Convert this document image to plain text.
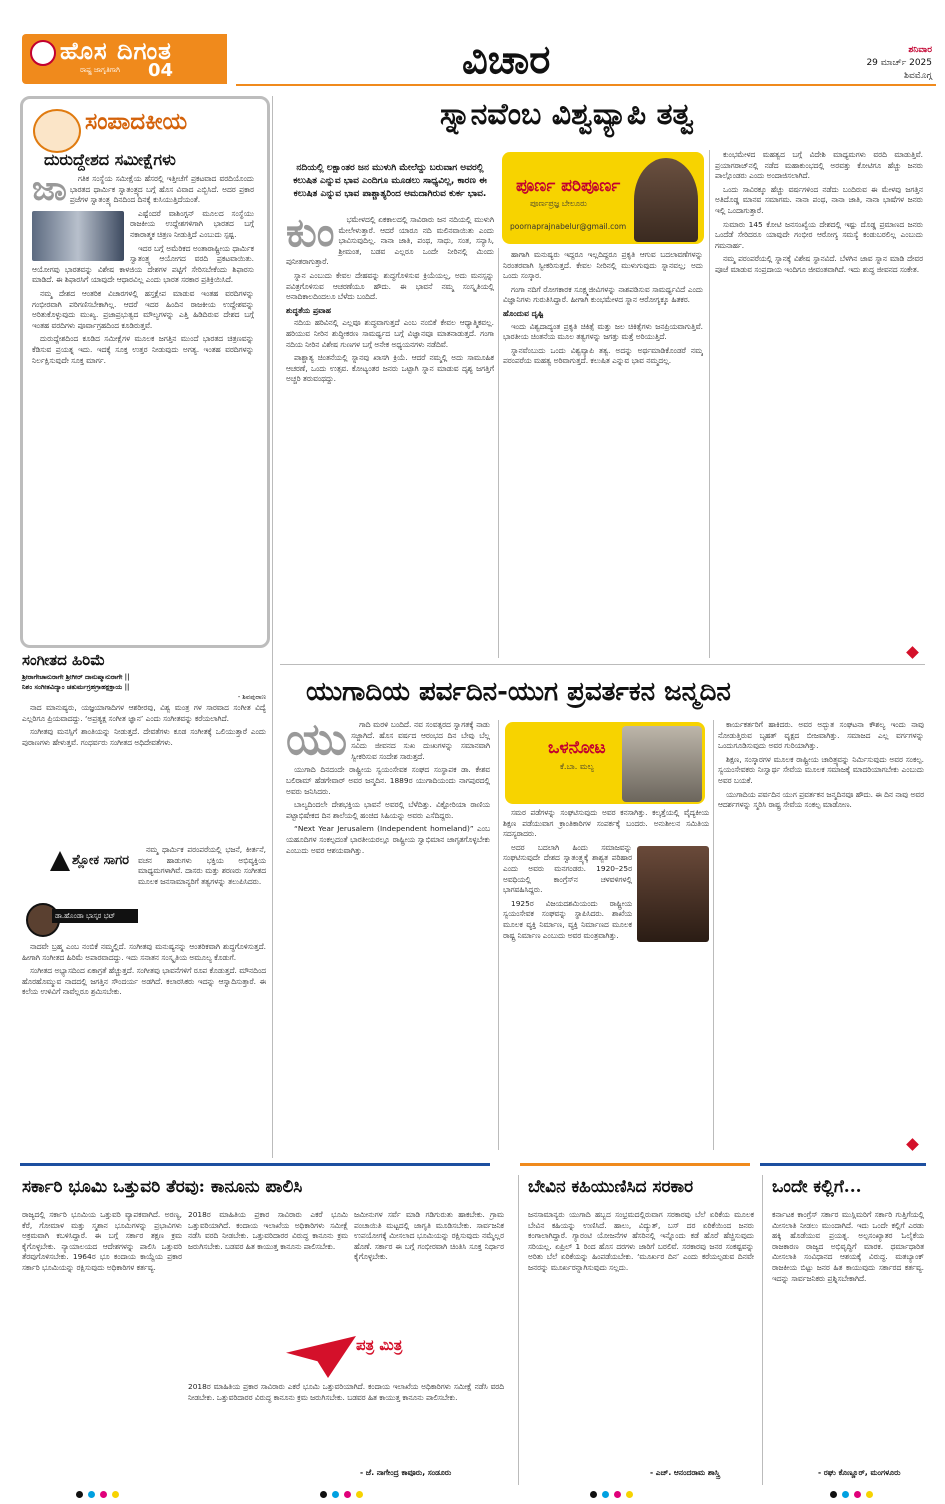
ಹೊಸ ದಿಗಂತ
ರಾಷ್ಟ್ರ ಜಾಗೃತಿಗಾಗಿ 04	ವಿಚಾರ	ಶನಿವಾರ
29 ಮಾರ್ಚ್ 2025
ಶಿವಮೊಗ್ಗ
ಸಂಪಾದಕೀಯ
ದುರುದ್ದೇಶದ ಸಮೀಕ್ಷೆಗಳು
ಜಾ	ಗತಿಕ ಸಂಸ್ಥೆಯ ಸಮೀಕ್ಷೆಯ ಹೆಸರಲ್ಲಿ ಇತ್ತೀಚೆಗೆ ಪ್ರಕಟವಾದ ವರದಿಯೊಂದು ಭಾರತದ ಧಾರ್ಮಿಕ ಸ್ವಾತಂತ್ರ್ಯದ ಬಗ್ಗೆ ಹೊಸ ವಿವಾದ ಎಬ್ಬಿಸಿದೆ. ಅದರ ಪ್ರಕಾರ ಪ್ರಜೆಗಳ ಸ್ವಾತಂತ್ರ್ಯ ದಿನದಿಂದ ದಿನಕ್ಕೆ ಕುಸಿಯುತ್ತಿದೆಯಂತೆ.

ಎಷ್ಟೆಂದರೆ ವಾಶಿಂಗ್ಟನ್ ಮೂಲದ ಸಂಸ್ಥೆಯು ರಾಜಕೀಯ ಉದ್ದೇಶಗಳಿಗಾಗಿ ಭಾರತದ ಬಗ್ಗೆ ನಕಾರಾತ್ಮಕ ಚಿತ್ರಣ ನೀಡುತ್ತಿದೆ ಎಂಬುದು ಸ್ಪಷ್ಟ.

ಇದರ ಬಗ್ಗೆ ಅಮೆರಿಕದ ಅಂತಾರಾಷ್ಟ್ರೀಯ ಧಾರ್ಮಿಕ ಸ್ವಾತಂತ್ರ್ಯ ಆಯೋಗದ ವರದಿ ಪ್ರಕಟವಾಯಿತು. ಆಯೋಗವು ಭಾರತವನ್ನು ವಿಶೇಷ ಕಾಳಜಿಯ ದೇಶಗಳ ಪಟ್ಟಿಗೆ ಸೇರಿಸಬೇಕೆಂದು ಶಿಫಾರಸು ಮಾಡಿದೆ. ಈ ಶಿಫಾರಸಿಗೆ ಯಾವುದೇ ಆಧಾರವಿಲ್ಲ ಎಂದು ಭಾರತ ಸರಕಾರ ಪ್ರತಿಕ್ರಿಯಿಸಿದೆ.

ನಮ್ಮ ದೇಶದ ಆಂತರಿಕ ವಿಚಾರಗಳಲ್ಲಿ ಹಸ್ತಕ್ಷೇಪ ಮಾಡುವ ಇಂತಹ ವರದಿಗಳನ್ನು ಗಂಭೀರವಾಗಿ ಪರಿಗಣಿಸಬೇಕಾಗಿಲ್ಲ. ಆದರೆ ಇದರ ಹಿಂದಿನ ರಾಜಕೀಯ ಉದ್ದೇಶವನ್ನು ಅರಿತುಕೊಳ್ಳುವುದು ಮುಖ್ಯ. ಪ್ರಜಾಪ್ರಭುತ್ವದ ಮೌಲ್ಯಗಳನ್ನು ಎತ್ತಿ ಹಿಡಿದಿರುವ ದೇಶದ ಬಗ್ಗೆ ಇಂತಹ ವರದಿಗಳು ಪೂರ್ವಾಗ್ರಹದಿಂದ ಕೂಡಿರುತ್ತವೆ.

ದುರುದ್ದೇಶದಿಂದ ಕೂಡಿದ ಸಮೀಕ್ಷೆಗಳ ಮೂಲಕ ಜಗತ್ತಿನ ಮುಂದೆ ಭಾರತದ ಚಿತ್ರಣವನ್ನು ಕೆಡಿಸುವ ಪ್ರಯತ್ನ ಇದು. ಇದಕ್ಕೆ ಸೂಕ್ತ ಉತ್ತರ ನೀಡುವುದು ಅಗತ್ಯ. ಇಂತಹ ವರದಿಗಳನ್ನು ನಿರ್ಲಕ್ಷಿಸುವುದೇ ಸೂಕ್ತ ಮಾರ್ಗ.

ಸಂಗೀತದ ಹಿರಿಮೆ
ಶ್ರೀರಾಗೇಚಾನುರಾಗೇ ಶ್ರೀಗೀರ್ ದಾನುಷ್ಮಾನುರಾಗೇ ||
ನಿಶಂ ಸಂಗೀತವಿದ್ಯಾಂ ಚತುರ್ಮಗ್ರಹಗ್ರಾಹಕ್ಷಕ್ತಾಯ ||
- ಶಿವಪುರಾಣ

ನಾದ ಮಾನುಷ್ಯರು, ಯಜ್ಞಯಾಗಾದಿಗಳ ಆಶರೀರವು, ವಿಶ್ವ ಮಂತ್ರ ಗಳ ಸಾರವಾದ ಸಂಗೀತ ವಿದ್ಯೆ ಎಲ್ಲರಿಗೂ ಪ್ರಿಯವಾದದ್ದು. ‘ಅಪ್ರತ್ಯಕ್ಷ ಸಂಗೀತ ಜ್ಞಾನ’ ಎಂದು ಸಂಗೀತವನ್ನು ಕರೆಯಲಾಗಿದೆ.

ಸಂಗೀತವು ಮನಸ್ಸಿಗೆ ಶಾಂತಿಯನ್ನು ನೀಡುತ್ತದೆ. ದೇವತೆಗಳು ಕೂಡ ಸಂಗೀತಕ್ಕೆ ಒಲಿಯುತ್ತಾರೆ ಎಂದು ಪುರಾಣಗಳು ಹೇಳುತ್ತವೆ. ಗಂಧರ್ವರು ಸಂಗೀತದ ಅಧಿದೇವತೆಗಳು.

ನಮ್ಮ ಧಾರ್ಮಿಕ ಪರಂಪರೆಯಲ್ಲಿ ಭಜನೆ, ಕೀರ್ತನೆ, ವಚನ ಹಾಡುಗಳು ಭಕ್ತಿಯ ಅಭಿವ್ಯಕ್ತಿಯ ಮಾಧ್ಯಮಗಳಾಗಿವೆ. ದಾಸರು ಮತ್ತು ಶರಣರು ಸಂಗೀತದ ಮೂಲಕ ಜನಸಾಮಾನ್ಯರಿಗೆ ತತ್ವಗಳನ್ನು ತಲುಪಿಸಿದರು.

ಶ್ಲೋಕ ಸಾಗರ
ಡಾ.ಹೊಂಡಾ ಭಾಸ್ಕರ ಭಟ್

ನಾದವೇ ಬ್ರಹ್ಮ ಎಂಬ ನಂಬಿಕೆ ನಮ್ಮಲ್ಲಿದೆ. ಸಂಗೀತವು ಮನುಷ್ಯನನ್ನು ಆಂತರಿಕವಾಗಿ ಶುದ್ಧಗೊಳಿಸುತ್ತದೆ. ಹೀಗಾಗಿ ಸಂಗೀತದ ಹಿರಿಮೆ ಅಪಾರವಾದದ್ದು. ಇದು ಸನಾತನ ಸಂಸ್ಕೃತಿಯ ಅಮೂಲ್ಯ ಕೊಡುಗೆ.

ಸಂಗೀತದ ಅಭ್ಯಾಸದಿಂದ ಏಕಾಗ್ರತೆ ಹೆಚ್ಚುತ್ತದೆ. ಸಂಗೀತವು ಭಾವನೆಗಳಿಗೆ ರೂಪ ಕೊಡುತ್ತದೆ. ಮೌನದಿಂದ ಹೊರಹೊಮ್ಮುವ ನಾದದಲ್ಲಿ ಜಗತ್ತಿನ ಸೌಂದರ್ಯ ಅಡಗಿದೆ. ಕಲಾರಸಿಕರು ಇದನ್ನು ಆಸ್ವಾದಿಸುತ್ತಾರೆ. ಈ ಕಲೆಯ ಉಳಿವಿಗೆ ನಾವೆಲ್ಲರೂ ಶ್ರಮಿಸಬೇಕು.

ಸ್ನಾನವೆಂಬ ವಿಶ್ವವ್ಯಾಪಿ ತತ್ವ
ನದಿಯಲ್ಲಿ ಲಕ್ಷಾಂತರ ಜನ ಮುಳುಗಿ ಮೇಲೆದ್ದು ಬರುವಾಗ ಅವರಲ್ಲಿ ಕಲುಷಿತ ಎನ್ನುವ ಭಾವ ಎಂದಿಗೂ ಮೂಡಲು ಸಾಧ್ಯವಿಲ್ಲ, ಕಾರಣ ಈ ಕಲುಷಿತ ಎನ್ನುವ ಭಾವ ಪಾಶ್ಚಾತ್ಯರಿಂದ ಆಮದಾಗಿರುವ ಕುರ್ಕ ಭಾವ.	ಪೂರ್ಣ ಪರಿಪೂರ್ಣ
ಪೂರ್ಣಪ್ರಜ್ಞ ಬೇಲೂರು
poornaprajnabelur@gmail.com
ಕುಂ	ಭಮೇಳದಲ್ಲಿ ಏಕಕಾಲದಲ್ಲಿ ಸಾವಿರಾರು ಜನ ನದಿಯಲ್ಲಿ ಮುಳುಗಿ ಮೇಲೇಳುತ್ತಾರೆ. ಆದರೆ ಯಾರೂ ನದಿ ಮಲಿನವಾಯಿತು ಎಂದು ಭಾವಿಸುವುದಿಲ್ಲ. ನಾನಾ ಜಾತಿ, ಪಂಥ, ಸಾಧು, ಸಂತ, ಸನ್ಯಾಸಿ, ಶ್ರೀಮಂತ, ಬಡವ ಎಲ್ಲರೂ ಒಂದೇ ನೀರಿನಲ್ಲಿ ಮಿಂದು ಪುನೀತರಾಗುತ್ತಾರೆ.

ಸ್ನಾನ ಎಂಬುದು ಕೇವಲ ದೇಹವನ್ನು ಶುದ್ಧಗೊಳಿಸುವ ಕ್ರಿಯೆಯಲ್ಲ, ಅದು ಮನಸ್ಸನ್ನು ಪವಿತ್ರಗೊಳಿಸುವ ಆಚರಣೆಯೂ ಹೌದು. ಈ ಭಾವನೆ ನಮ್ಮ ಸಂಸ್ಕೃತಿಯಲ್ಲಿ ಅನಾದಿಕಾಲದಿಂದಲೂ ಬೆಳೆದು ಬಂದಿದೆ.

ಶುದ್ಧತೆಯ ಪ್ರವಾಹ

ನದಿಯ ಹರಿವಿನಲ್ಲಿ ಎಲ್ಲವೂ ಶುದ್ಧವಾಗುತ್ತದೆ ಎಂಬ ನಂಬಿಕೆ ಕೇವಲ ಆಧ್ಯಾತ್ಮಿಕವಲ್ಲ. ಹರಿಯುವ ನೀರಿನ ಶುದ್ಧೀಕರಣ ಸಾಮರ್ಥ್ಯದ ಬಗ್ಗೆ ವಿಜ್ಞಾನವೂ ಮಾತನಾಡುತ್ತದೆ. ಗಂಗಾ ನದಿಯ ನೀರಿನ ವಿಶೇಷ ಗುಣಗಳ ಬಗ್ಗೆ ಅನೇಕ ಅಧ್ಯಯನಗಳು ನಡೆದಿವೆ.

ಪಾಶ್ಚಾತ್ಯ ಚಿಂತನೆಯಲ್ಲಿ ಸ್ನಾನವು ಖಾಸಗಿ ಕ್ರಿಯೆ. ಆದರೆ ನಮ್ಮಲ್ಲಿ ಅದು ಸಾಮೂಹಿಕ ಆಚರಣೆ, ಒಂದು ಉತ್ಸವ. ಕೋಟ್ಯಂತರ ಜನರು ಒಟ್ಟಾಗಿ ಸ್ನಾನ ಮಾಡುವ ದೃಶ್ಯ ಜಗತ್ತಿಗೆ ಅಚ್ಚರಿ ತರುವಂಥದ್ದು.

ಹಾಗಾಗಿ ಮನುಷ್ಯರು ಇದ್ದರೂ ಇಲ್ಲದಿದ್ದರೂ ಪ್ರಕೃತಿ ಆಗುವ ಬದಲಾವಣೆಗಳನ್ನು ನಿರಂತರವಾಗಿ ಸ್ವೀಕರಿಸುತ್ತದೆ. ಕೇವಲ ನೀರಿನಲ್ಲಿ ಮುಳುಗುವುದು ಸ್ನಾನವಲ್ಲ; ಅದು ಒಂದು ಸಂಸ್ಕಾರ.

ಗಂಗಾ ನದಿಗೆ ರೋಗಕಾರಕ ಸೂಕ್ಷ್ಮಜೀವಿಗಳನ್ನು ನಾಶಪಡಿಸುವ ಸಾಮರ್ಥ್ಯವಿದೆ ಎಂದು ವಿಜ್ಞಾನಿಗಳು ಗುರುತಿಸಿದ್ದಾರೆ. ಹೀಗಾಗಿ ಕುಂಭಮೇಳದ ಸ್ನಾನ ಆರೋಗ್ಯಕ್ಕೂ ಹಿತಕರ.

ಹೊಂದುವ ದೃಷ್ಟಿ

ಇಂದು ವಿಶ್ವದಾದ್ಯಂತ ಪ್ರಕೃತಿ ಚಿಕಿತ್ಸೆ ಮತ್ತು ಜಲ ಚಿಕಿತ್ಸೆಗಳು ಜನಪ್ರಿಯವಾಗುತ್ತಿವೆ. ಭಾರತೀಯ ಚಿಂತನೆಯ ಮೂಲ ತತ್ವಗಳನ್ನು ಜಗತ್ತು ಮತ್ತೆ ಅರಿಯುತ್ತಿದೆ.

ಸ್ನಾನವೆಂಬುದು ಒಂದು ವಿಶ್ವವ್ಯಾಪಿ ತತ್ವ. ಅದನ್ನು ಅರ್ಥಮಾಡಿಕೊಂಡರೆ ನಮ್ಮ ಪರಂಪರೆಯ ಮಹತ್ವ ಅರಿವಾಗುತ್ತದೆ. ಕಲುಷಿತ ಎನ್ನುವ ಭಾವ ನಮ್ಮದಲ್ಲ.

ಕುಂಭಮೇಳದ ಮಹತ್ವದ ಬಗ್ಗೆ ವಿದೇಶಿ ಮಾಧ್ಯಮಗಳು ವರದಿ ಮಾಡುತ್ತಿವೆ. ಪ್ರಯಾಗರಾಜ್‌ನಲ್ಲಿ ನಡೆದ ಮಹಾಕುಂಭದಲ್ಲಿ ಅರವತ್ತು ಕೋಟಿಗೂ ಹೆಚ್ಚು ಜನರು ಪಾಲ್ಗೊಂಡರು ಎಂದು ಅಂದಾಜಿಸಲಾಗಿದೆ.

ಒಂದು ಸಾವಿರಕ್ಕೂ ಹೆಚ್ಚು ವರ್ಷಗಳಿಂದ ನಡೆದು ಬಂದಿರುವ ಈ ಮೇಳವು ಜಗತ್ತಿನ ಅತಿದೊಡ್ಡ ಮಾನವ ಸಮಾಗಮ. ನಾನಾ ಪಂಥ, ನಾನಾ ಜಾತಿ, ನಾನಾ ಭಾಷೆಗಳ ಜನರು ಇಲ್ಲಿ ಒಂದಾಗುತ್ತಾರೆ.

ಸುಮಾರು 145 ಕೋಟಿ ಜನಸಂಖ್ಯೆಯ ದೇಶದಲ್ಲಿ ಇಷ್ಟು ದೊಡ್ಡ ಪ್ರಮಾಣದ ಜನರು ಒಂದೆಡೆ ಸೇರಿದರೂ ಯಾವುದೇ ಗಂಭೀರ ಆರೋಗ್ಯ ಸಮಸ್ಯೆ ಕಂಡುಬರಲಿಲ್ಲ ಎಂಬುದು ಗಮನಾರ್ಹ.

ನಮ್ಮ ಪರಂಪರೆಯಲ್ಲಿ ಸ್ನಾನಕ್ಕೆ ವಿಶೇಷ ಸ್ಥಾನವಿದೆ. ಬೆಳಗಿನ ಜಾವ ಸ್ನಾನ ಮಾಡಿ ದೇವರ ಪೂಜೆ ಮಾಡುವ ಸಂಪ್ರದಾಯ ಇಂದಿಗೂ ಜೀವಂತವಾಗಿದೆ. ಇದು ಶುದ್ಧ ಜೀವನದ ಸಂಕೇತ.

ಯುಗಾದಿಯ ಪರ್ವದಿನ-ಯುಗ ಪ್ರವರ್ತಕನ ಜನ್ಮದಿನ
ಯು	ಗಾದಿ ಮರಳಿ ಬಂದಿದೆ. ನವ ಸಂವತ್ಸರದ ಸ್ವಾಗತಕ್ಕೆ ನಾಡು ಸಜ್ಜಾಗಿದೆ. ಹೊಸ ವರ್ಷದ ಆರಂಭದ ದಿನ ಬೇವು ಬೆಲ್ಲ ಸವಿದು ಜೀವನದ ಸುಖ ದುಃಖಗಳನ್ನು ಸಮಾನವಾಗಿ ಸ್ವೀಕರಿಸುವ ಸಂದೇಶ ಸಾರುತ್ತದೆ.

ಯುಗಾದಿ ದಿನದಂದೇ ರಾಷ್ಟ್ರೀಯ ಸ್ವಯಂಸೇವಕ ಸಂಘದ ಸಂಸ್ಥಾಪಕ ಡಾ. ಕೇಶವ ಬಲಿರಾಮ್ ಹೆಡಗೇವಾರ್ ಅವರ ಜನ್ಮದಿನ. 1889ರ ಯುಗಾದಿಯಂದು ನಾಗಪುರದಲ್ಲಿ ಅವರು ಜನಿಸಿದರು.

ಬಾಲ್ಯದಿಂದಲೇ ದೇಶಭಕ್ತಿಯ ಭಾವನೆ ಅವರಲ್ಲಿ ಬೆಳೆದಿತ್ತು. ವಿಕ್ಟೋರಿಯಾ ರಾಣಿಯ ಪಟ್ಟಾಭಿಷೇಕದ ದಿನ ಶಾಲೆಯಲ್ಲಿ ಹಂಚಿದ ಸಿಹಿಯನ್ನು ಅವರು ಎಸೆದಿದ್ದರು.

“Next Year Jerusalem (Independent homeland)” ಎಂಬ ಯಹೂದಿಗಳ ಸಂಕಲ್ಪದಂತೆ ಭಾರತೀಯರಲ್ಲೂ ರಾಷ್ಟ್ರೀಯ ಸ್ವಾಭಿಮಾನ ಜಾಗೃತಗೊಳ್ಳಬೇಕು ಎಂಬುದು ಅವರ ಆಶಯವಾಗಿತ್ತು.

ಒಳನೋಟ
ಕೆ.ಬಾ. ಮಲ್ಯ

ಸಮರ ಪಡೆಗಳನ್ನು ಸಂಘಟಿಸುವುದು ಅವರ ಕನಸಾಗಿತ್ತು. ಕಲ್ಕತ್ತೆಯಲ್ಲಿ ವೈದ್ಯಕೀಯ ಶಿಕ್ಷಣ ಪಡೆಯುವಾಗ ಕ್ರಾಂತಿಕಾರಿಗಳ ಸಂಪರ್ಕಕ್ಕೆ ಬಂದರು. ಅನುಶೀಲನ ಸಮಿತಿಯ ಸದಸ್ಯರಾದರು.

ಅದರ ಬದಲಾಗಿ ಹಿಂದು ಸಮಾಜವನ್ನು ಸಂಘಟಿಸುವುದೇ ದೇಶದ ಸ್ವಾತಂತ್ರ್ಯಕ್ಕೆ ಶಾಶ್ವತ ಪರಿಹಾರ ಎಂದು ಅವರು ಮನಗಂಡರು. 1920–25ರ ಅವಧಿಯಲ್ಲಿ ಕಾಂಗ್ರೆಸ್‌ನ ಚಳವಳಿಗಳಲ್ಲಿ ಭಾಗವಹಿಸಿದ್ದರು.

1925ರ ವಿಜಯದಶಮಿಯಂದು ರಾಷ್ಟ್ರೀಯ ಸ್ವಯಂಸೇವಕ ಸಂಘವನ್ನು ಸ್ಥಾಪಿಸಿದರು. ಶಾಖೆಯ ಮೂಲಕ ವ್ಯಕ್ತಿ ನಿರ್ಮಾಣ, ವ್ಯಕ್ತಿ ನಿರ್ಮಾಣದ ಮೂಲಕ ರಾಷ್ಟ್ರ ನಿರ್ಮಾಣ ಎಂಬುದು ಅವರ ಮಂತ್ರವಾಗಿತ್ತು.

ಕಾರ್ಯಕರ್ತರಿಗೆ ಹಾಕಿದರು. ಅವರ ಅದ್ಭುತ ಸಂಘಟನಾ ಕೌಶಲ್ಯ ಇಂದು ನಾವು ನೋಡುತ್ತಿರುವ ಬೃಹತ್ ವೃಕ್ಷದ ಬೀಜವಾಗಿತ್ತು. ಸಮಾಜದ ಎಲ್ಲ ವರ್ಗಗಳನ್ನು ಒಂದುಗೂಡಿಸುವುದು ಅವರ ಗುರಿಯಾಗಿತ್ತು.

ಶಿಕ್ಷಣ, ಸಂಸ್ಕಾರಗಳ ಮೂಲಕ ರಾಷ್ಟ್ರೀಯ ಚಾರಿತ್ರ್ಯವನ್ನು ನಿರ್ಮಿಸುವುದು ಅವರ ಸಂಕಲ್ಪ. ಸ್ವಯಂಸೇವಕರು ನಿಃಸ್ವಾರ್ಥ ಸೇವೆಯ ಮೂಲಕ ಸಮಾಜಕ್ಕೆ ಮಾದರಿಯಾಗಬೇಕು ಎಂಬುದು ಅವರ ಬಯಕೆ.

ಯುಗಾದಿಯ ಪರ್ವದಿನ ಯುಗ ಪ್ರವರ್ತಕನ ಜನ್ಮದಿನವೂ ಹೌದು. ಈ ದಿನ ನಾವು ಅವರ ಆದರ್ಶಗಳನ್ನು ಸ್ಮರಿಸಿ ರಾಷ್ಟ್ರ ಸೇವೆಯ ಸಂಕಲ್ಪ ಮಾಡೋಣ.

ಸರ್ಕಾರಿ ಭೂಮಿ ಒತ್ತುವರಿ ತೆರವು: ಕಾನೂನು ಪಾಲಿಸಿ
ರಾಜ್ಯದಲ್ಲಿ ಸರ್ಕಾರಿ ಭೂಮಿಯ ಒತ್ತುವರಿ ವ್ಯಾಪಕವಾಗಿದೆ. ಅರಣ್ಯ, ಕೆರೆ, ಗೋಮಾಳ ಮತ್ತು ಸ್ಮಶಾನ ಭೂಮಿಗಳನ್ನು ಪ್ರಭಾವಿಗಳು ಅಕ್ರಮವಾಗಿ ಕಬಳಿಸಿದ್ದಾರೆ. ಈ ಬಗ್ಗೆ ಸರ್ಕಾರ ತಕ್ಷಣ ಕ್ರಮ ಕೈಗೊಳ್ಳಬೇಕು. ನ್ಯಾಯಾಲಯದ ಆದೇಶಗಳನ್ನು ಪಾಲಿಸಿ ಒತ್ತುವರಿ ತೆರವುಗೊಳಿಸಬೇಕು. 1964ರ ಭೂ ಕಂದಾಯ ಕಾಯ್ದೆಯ ಪ್ರಕಾರ ಸರ್ಕಾರಿ ಭೂಮಿಯನ್ನು ರಕ್ಷಿಸುವುದು ಅಧಿಕಾರಿಗಳ ಕರ್ತವ್ಯ.
2018ರ ಮಾಹಿತಿಯ ಪ್ರಕಾರ ಸಾವಿರಾರು ಎಕರೆ ಭೂಮಿ ಒತ್ತುವರಿಯಾಗಿದೆ. ಕಂದಾಯ ಇಲಾಖೆಯ ಅಧಿಕಾರಿಗಳು ಸಮೀಕ್ಷೆ ನಡೆಸಿ ವರದಿ ನೀಡಬೇಕು. ಒತ್ತುವರಿದಾರರ ವಿರುದ್ಧ ಕಾನೂನು ಕ್ರಮ ಜರುಗಿಸಬೇಕು. ಬಡವರ ಹಿತ ಕಾಯುತ್ತ ಕಾನೂನು ಪಾಲಿಸಬೇಕು.
ಪತ್ರ ಮಿತ್ರ
ಜಮೀನುಗಳ ಸರ್ವೆ ಮಾಡಿ ಗಡಿಗುರುತು ಹಾಕಬೇಕು. ಗ್ರಾಮ ಪಂಚಾಯಿತಿ ಮಟ್ಟದಲ್ಲಿ ಜಾಗೃತಿ ಮೂಡಿಸಬೇಕು. ಸಾರ್ವಜನಿಕ ಉಪಯೋಗಕ್ಕೆ ಮೀಸಲಾದ ಭೂಮಿಯನ್ನು ರಕ್ಷಿಸುವುದು ನಮ್ಮೆಲ್ಲರ ಹೊಣೆ. ಸರ್ಕಾರ ಈ ಬಗ್ಗೆ ಗಂಭೀರವಾಗಿ ಚಿಂತಿಸಿ ಸೂಕ್ತ ನಿರ್ಧಾರ ಕೈಗೊಳ್ಳಬೇಕು.
2018ರ ಮಾಹಿತಿಯ ಪ್ರಕಾರ ಸಾವಿರಾರು ಎಕರೆ ಭೂಮಿ ಒತ್ತುವರಿಯಾಗಿದೆ. ಕಂದಾಯ ಇಲಾಖೆಯ ಅಧಿಕಾರಿಗಳು ಸಮೀಕ್ಷೆ ನಡೆಸಿ ವರದಿ ನೀಡಬೇಕು. ಒತ್ತುವರಿದಾರರ ವಿರುದ್ಧ ಕಾನೂನು ಕ್ರಮ ಜರುಗಿಸಬೇಕು. ಬಡವರ ಹಿತ ಕಾಯುತ್ತ ಕಾನೂನು ಪಾಲಿಸಬೇಕು.
- ಜೆ. ನಾಗೇಂದ್ರ ಕಾವೂರು, ಸಂಡೂರು
ಬೇವಿನ ಕಹಿಯುಣಿಸಿದ ಸರಕಾರ
ಜನಸಾಮಾನ್ಯರು ಯುಗಾದಿ ಹಬ್ಬದ ಸಂಭ್ರಮದಲ್ಲಿರುವಾಗ ಸರಕಾರವು ಬೆಲೆ ಏರಿಕೆಯ ಮೂಲಕ ಬೇವಿನ ಕಹಿಯನ್ನು ಉಣಿಸಿದೆ. ಹಾಲು, ವಿದ್ಯುತ್, ಬಸ್ ದರ ಏರಿಕೆಯಿಂದ ಜನರು ಕಂಗಾಲಾಗಿದ್ದಾರೆ. ಗ್ಯಾರಂಟಿ ಯೋಜನೆಗಳ ಹೆಸರಿನಲ್ಲಿ ಇನ್ನೊಂದು ಕಡೆ ಹೊರೆ ಹೆಚ್ಚಿಸುವುದು ಸರಿಯಲ್ಲ. ಏಪ್ರಿಲ್ 1 ರಿಂದ ಹೊಸ ದರಗಳು ಜಾರಿಗೆ ಬರಲಿವೆ. ಸರಕಾರವು ಜನರ ಸಂಕಷ್ಟವನ್ನು ಅರಿತು ಬೆಲೆ ಏರಿಕೆಯನ್ನು ಹಿಂಪಡೆಯಬೇಕು. ‘ಮೂರ್ಖರ ದಿನ’ ಎಂದು ಕರೆಯಲ್ಪಡುವ ದಿನವೇ ಜನರನ್ನು ಮೂರ್ಖರನ್ನಾಗಿಸುವುದು ಸಲ್ಲದು.
- ಎಚ್. ಆನಂದರಾಮ ಶಾಸ್ತ್ರಿ
ಒಂದೇ ಕಲ್ಲಿಗೆ...
ಕರ್ನಾಟಕ ಕಾಂಗ್ರೆಸ್ ಸರ್ಕಾರ ಮುಸ್ಲಿಮರಿಗೆ ಸರ್ಕಾರಿ ಗುತ್ತಿಗೆಯಲ್ಲಿ ಮೀಸಲಾತಿ ನೀಡಲು ಮುಂದಾಗಿದೆ. ಇದು ಒಂದೇ ಕಲ್ಲಿಗೆ ಎರಡು ಹಕ್ಕಿ ಹೊಡೆಯುವ ಪ್ರಯತ್ನ. ಅಲ್ಪಸಂಖ್ಯಾತರ ಓಲೈಕೆಯ ರಾಜಕಾರಣ ರಾಜ್ಯದ ಅಭಿವೃದ್ಧಿಗೆ ಮಾರಕ. ಧರ್ಮಾಧಾರಿತ ಮೀಸಲಾತಿ ಸಂವಿಧಾನದ ಆಶಯಕ್ಕೆ ವಿರುದ್ಧ. ಮತಬ್ಯಾಂಕ್ ರಾಜಕೀಯ ಬಿಟ್ಟು ಜನರ ಹಿತ ಕಾಯುವುದು ಸರ್ಕಾರದ ಕರ್ತವ್ಯ. ಇದನ್ನು ಸಾರ್ವಜನಿಕರು ಪ್ರಶ್ನಿಸಬೇಕಾಗಿದೆ.
- ರಘು ಕೊಣ್ಣೂರ್, ಮಂಗಳೂರು
